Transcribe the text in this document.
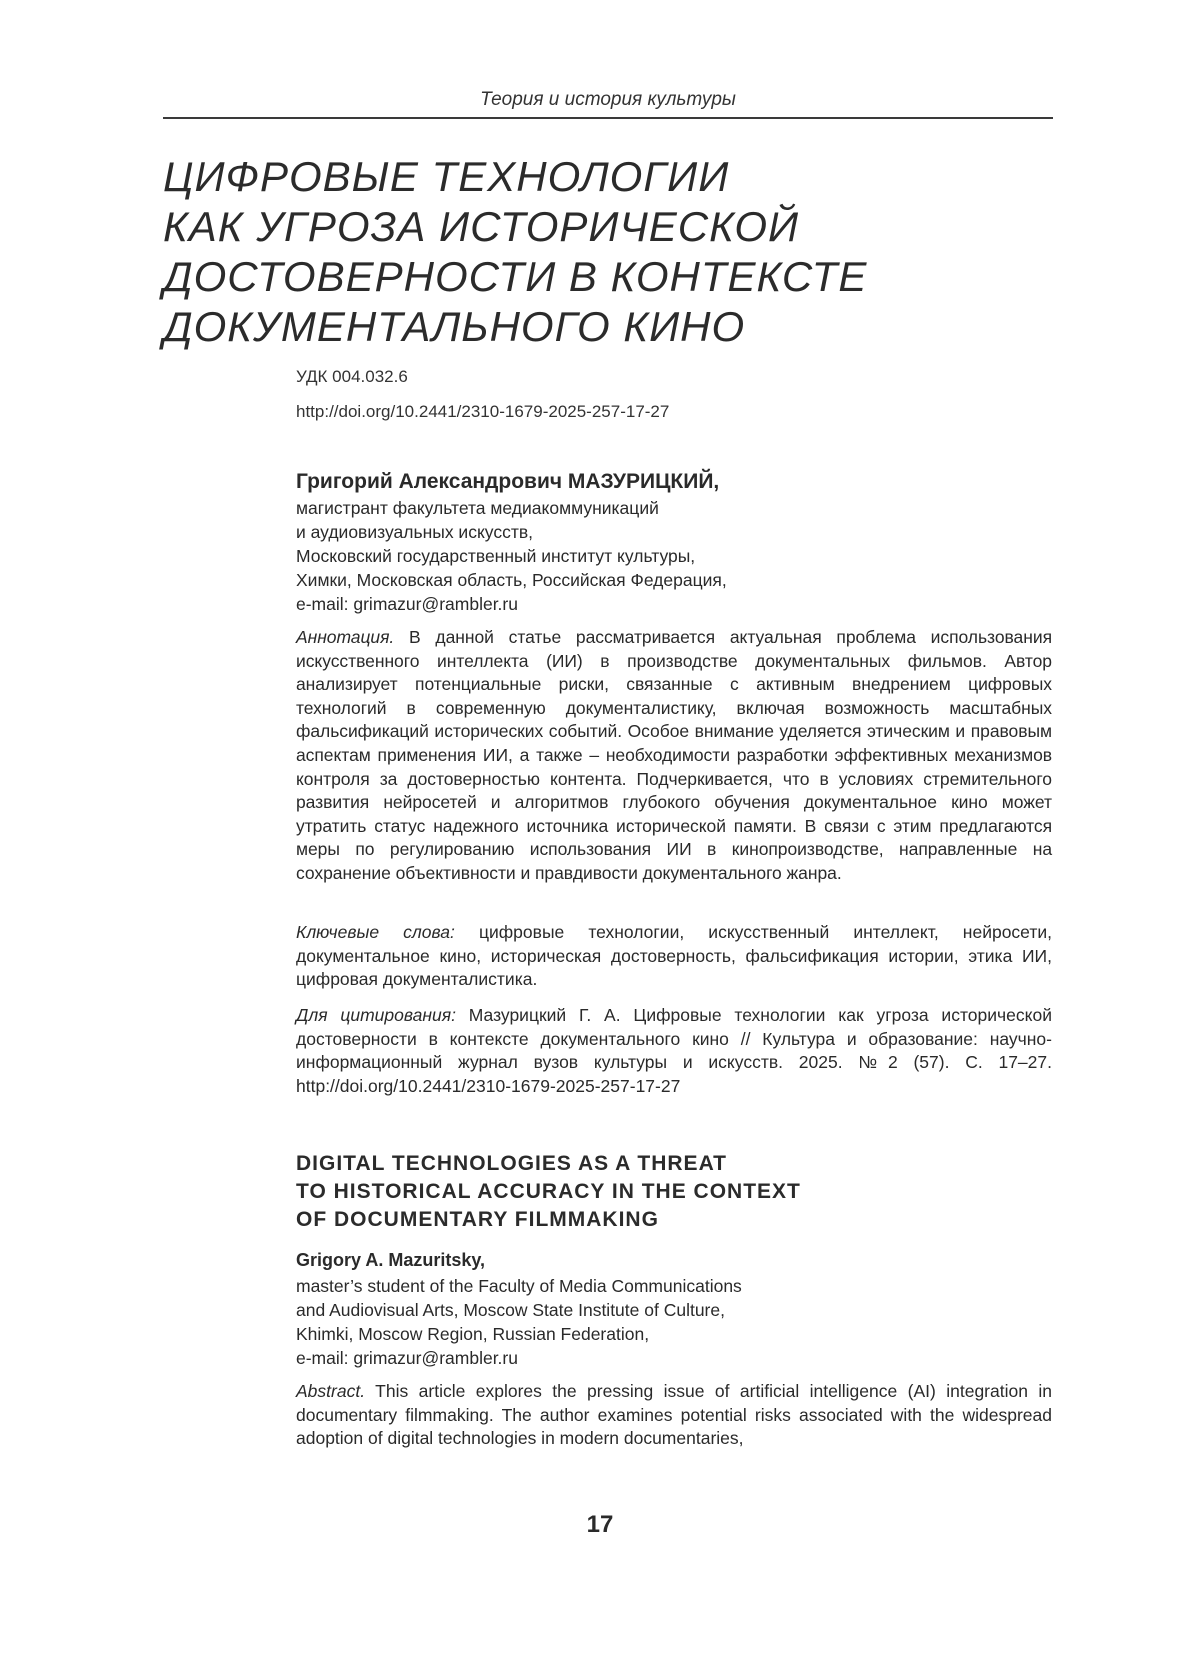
Теория и история культуры
ЦИФРОВЫЕ ТЕХНОЛОГИИ
КАК УГРОЗА ИСТОРИЧЕСКОЙ
ДОСТОВЕРНОСТИ В КОНТЕКСТЕ
ДОКУМЕНТАЛЬНОГО КИНО
УДК 004.032.6
http://doi.org/10.2441/2310-1679-2025-257-17-27
Григорий Александрович МАЗУРИЦКИЙ,
магистрант факультета медиакоммуникаций
и аудиовизуальных искусств,
Московский государственный институт культуры,
Химки, Московская область, Российская Федерация,
e-mail: grimazur@rambler.ru

Аннотация. В данной статье рассматривается актуальная проблема использования искусственного интеллекта (ИИ) в производстве документальных фильмов. Автор анализирует потенциальные риски, связанные с активным внедрением цифровых технологий в современную документалистику, включая возможность масштабных фальсификаций исторических событий. Особое внимание уделяется этическим и правовым аспектам применения ИИ, а также – необходимости разработки эффективных механизмов контроля за достоверностью контента. Подчеркивается, что в условиях стремительного развития нейросетей и алгоритмов глубокого обучения документальное кино может утратить статус надежного источника исторической памяти. В связи с этим предлагаются меры по регулированию использования ИИ в кинопроизводстве, направленные на сохранение объективности и правдивости документального жанра.

Ключевые слова: цифровые технологии, искусственный интеллект, нейросети, документальное кино, историческая достоверность, фальсификация истории, этика ИИ, цифровая документалистика.

Для цитирования: Мазурицкий Г. А. Цифровые технологии как угроза исторической достоверности в контексте документального кино // Культура и образование: научно-информационный журнал вузов культуры и искусств. 2025. №2 (57). С. 17–27. http://doi.org/10.2441/2310-1679-2025-257-17-27

DIGITAL TECHNOLOGIES AS A THREAT
TO HISTORICAL ACCURACY IN THE CONTEXT
OF DOCUMENTARY FILMMAKING
Grigory A. Mazuritsky,
master’s student of the Faculty of Media Communications
and Audiovisual Arts, Moscow State Institute of Culture,
Khimki, Moscow Region, Russian Federation,
e-mail: grimazur@rambler.ru

Abstract. This article explores the pressing issue of artificial intelligence (AI) integration in documentary filmmaking. The author examines potential risks associated with the widespread adoption of digital technologies in modern documentaries,

17
